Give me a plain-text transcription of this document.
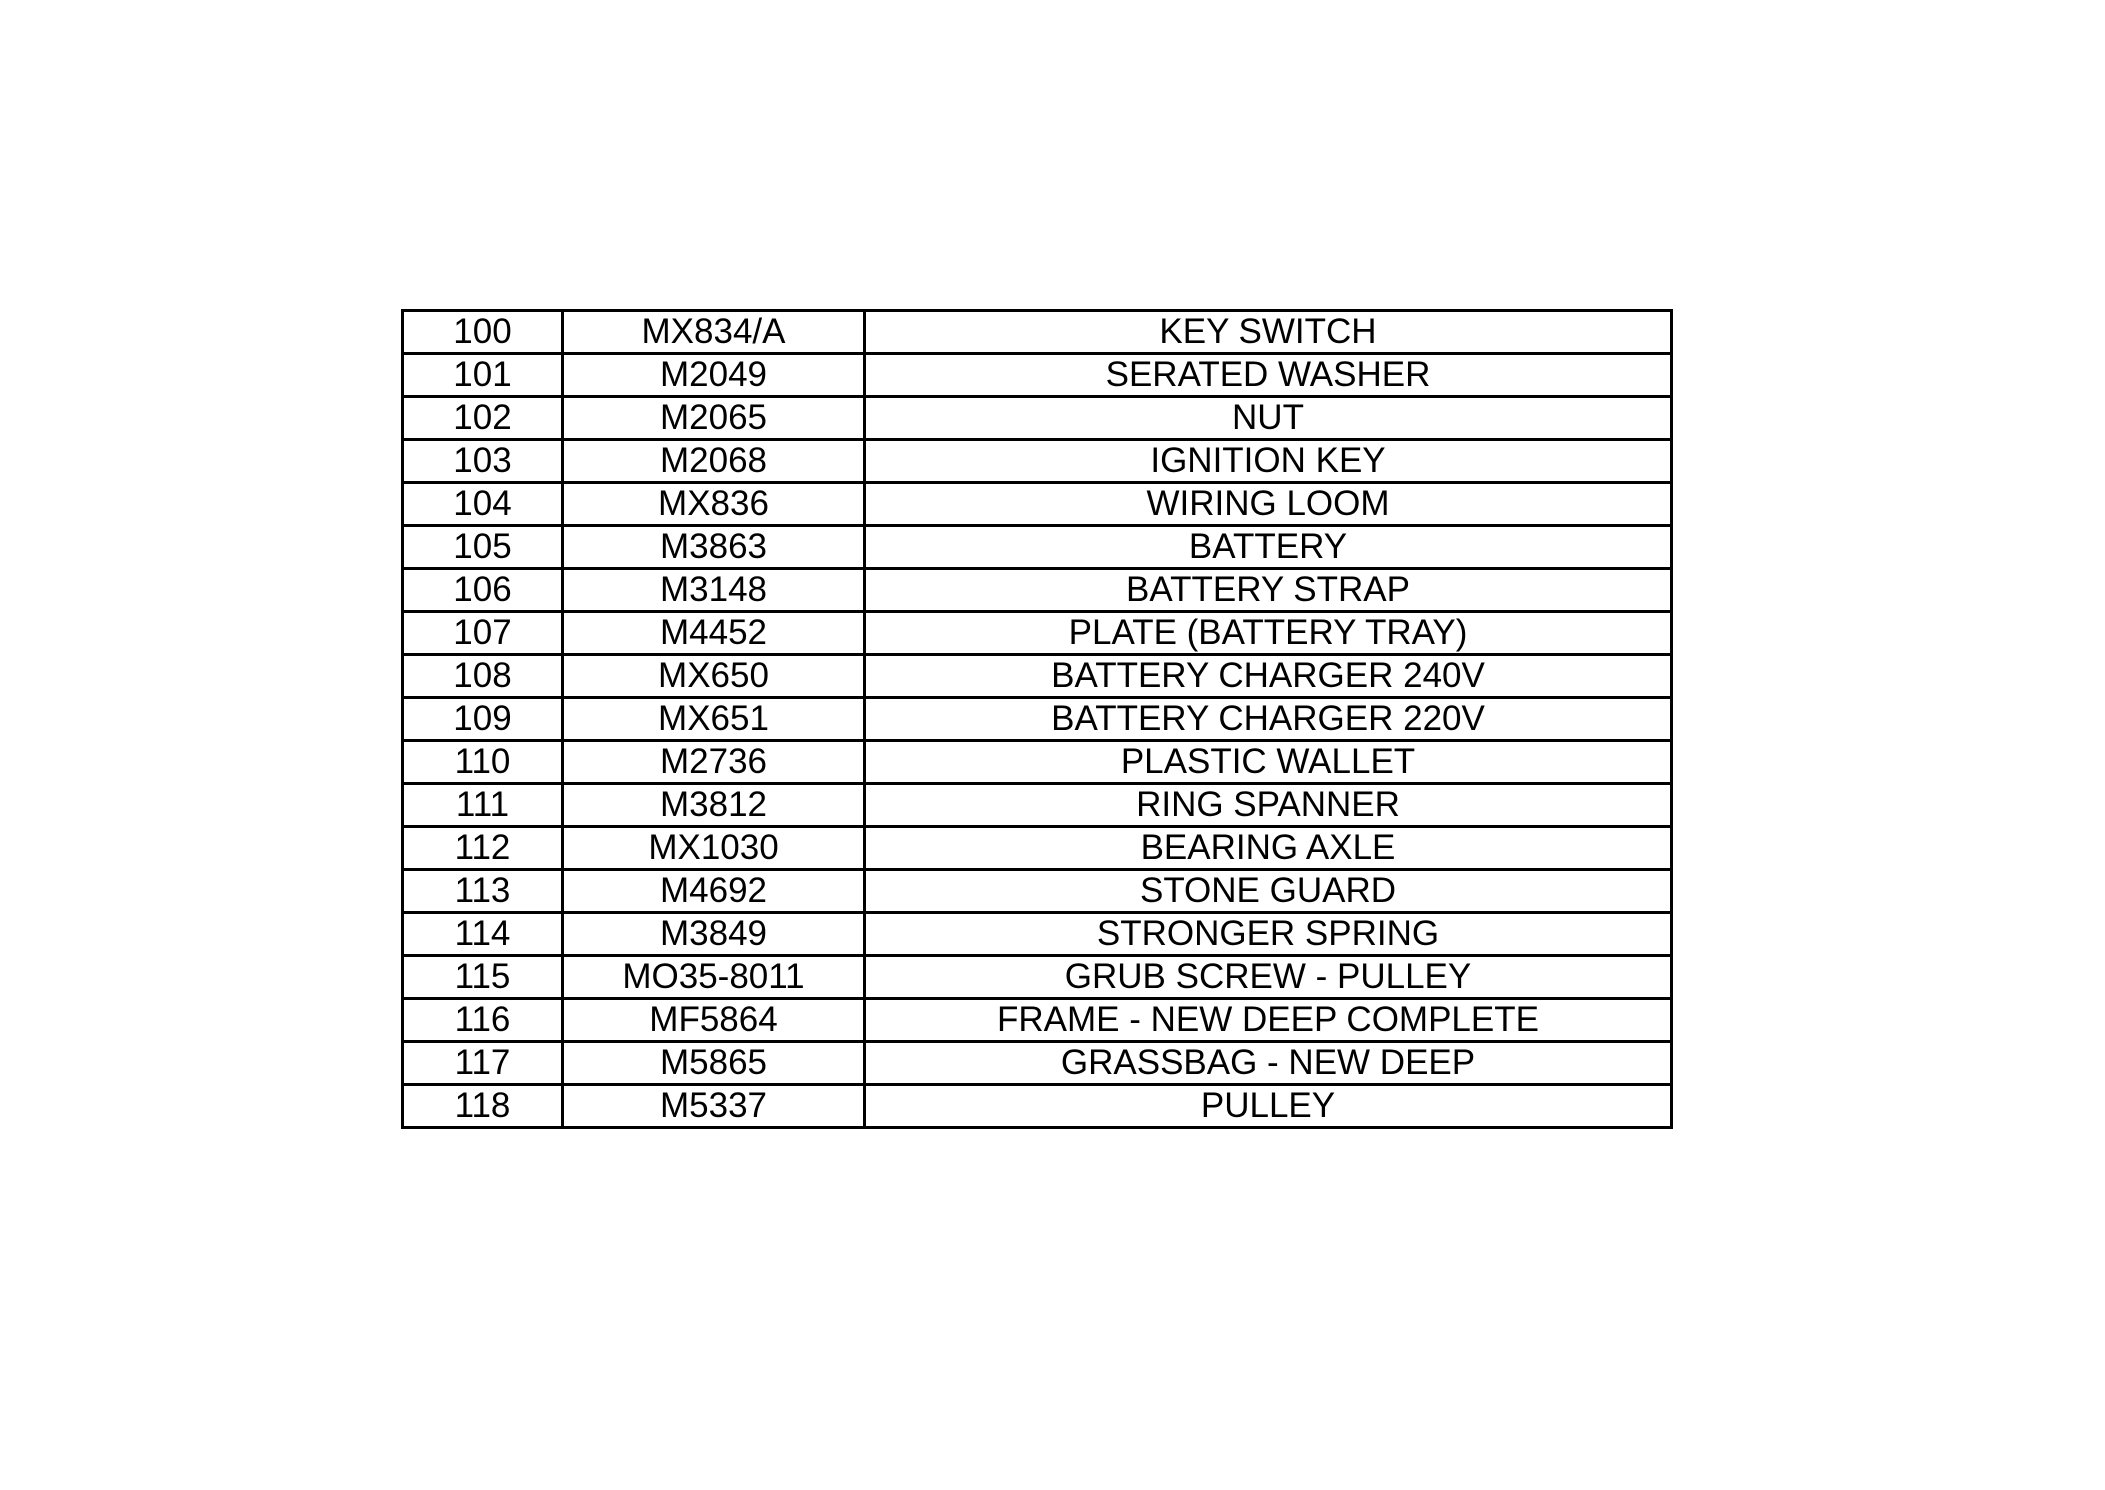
100	MX834/A	KEY SWITCH
101	M2049	SERATED WASHER
102	M2065	NUT
103	M2068	IGNITION KEY
104	MX836	WIRING LOOM
105	M3863	BATTERY
106	M3148	BATTERY STRAP
107	M4452	PLATE (BATTERY TRAY)
108	MX650	BATTERY CHARGER 240V
109	MX651	BATTERY CHARGER 220V
110	M2736	PLASTIC WALLET
111	M3812	RING SPANNER
112	MX1030	BEARING AXLE
113	M4692	STONE GUARD
114	M3849	STRONGER SPRING
115	MO35-8011	GRUB SCREW - PULLEY
116	MF5864	FRAME - NEW DEEP COMPLETE
117	M5865	GRASSBAG - NEW DEEP
118	M5337	PULLEY
